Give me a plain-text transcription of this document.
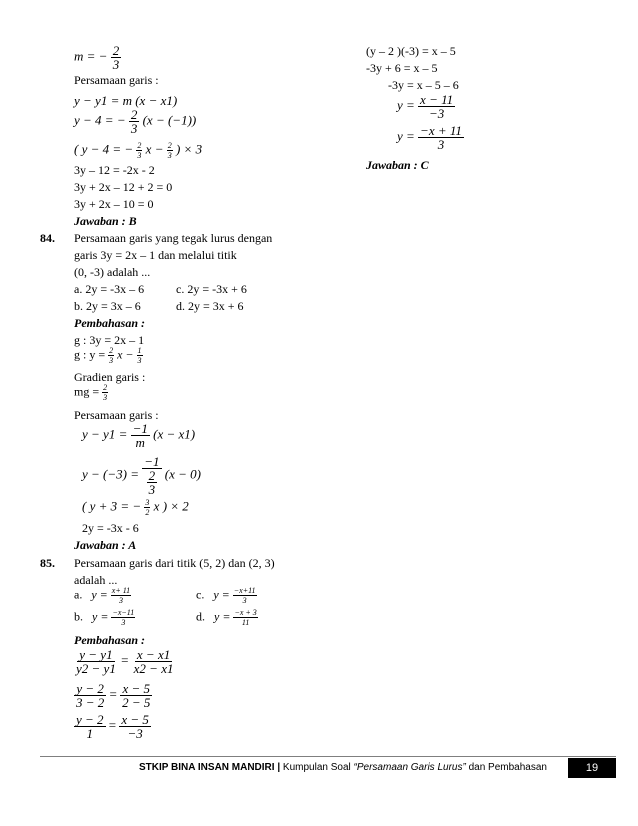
m = − $\frac{2}{3}$
Persamaan garis :
y − y1 = m (x − x1)
y − 4 = − $\frac{2}{3} (x - (-1))$
( y − 4 = − $\frac{2}{3}$ $x - \frac{2}{3}$ ) × 3
3y – 12 = -2x - 2
3y + 2x – 12 + 2 = 0
3y + 2x – 10 = 0
Jawaban : B
84. Persamaan garis yang tegak lurus dengan
garis 3y = 2x – 1 dan melalui titik
(0, -3) adalah ...
a. 2y = -3x – 6	c. 2y = -3x + 6
b. 2y = 3x – 6	d. 2y = 3x + 6
Pembahasan :
g : 3y = 2x – 1
g : $y = \frac{2}{3}$ $x - \frac{1}{3}$
Gradien garis :
mg = $\frac{2}{3}$
Persamaan garis :
$y - y1 = \frac{-1}{m} (x - x1)$
$y - (-3) = \frac{-1}{\frac{2}{3}} (x - 0)$
( y + 3 = − $\frac{3}{2}$ x ) × 2
2y = -3x - 6
Jawaban : A
85. Persamaan garis dari titik (5, 2) dan (2, 3)
adalah ...
a. $y = \frac{x+ 11}{3}$	c. $y = \frac{-x+11}{3}$
b. $y = \frac{-x-11}{3}$	d. $y = \frac{-x + 3}{11}$
Pembahasan :
$\frac{y - y1}{y2 - y1} = \frac{x - x1}{x2 - x1}$
$\frac{y - 2}{3 - 2} = \frac{x - 5}{2 - 5}$
$\frac{y - 2}{1} = \frac{x - 5}{-3}$
(y – 2 )(-3) = x – 5
-3y + 6 = x – 5
-3y = x – 5 – 6
$y = \frac{x - 11}{-3}$
$y = \frac{-x + 11}{3}$
Jawaban : C
STKIP BINA INSAN MANDIRI | Kumpulan Soal “Persamaan Garis Lurus” dan Pembahasan	19
